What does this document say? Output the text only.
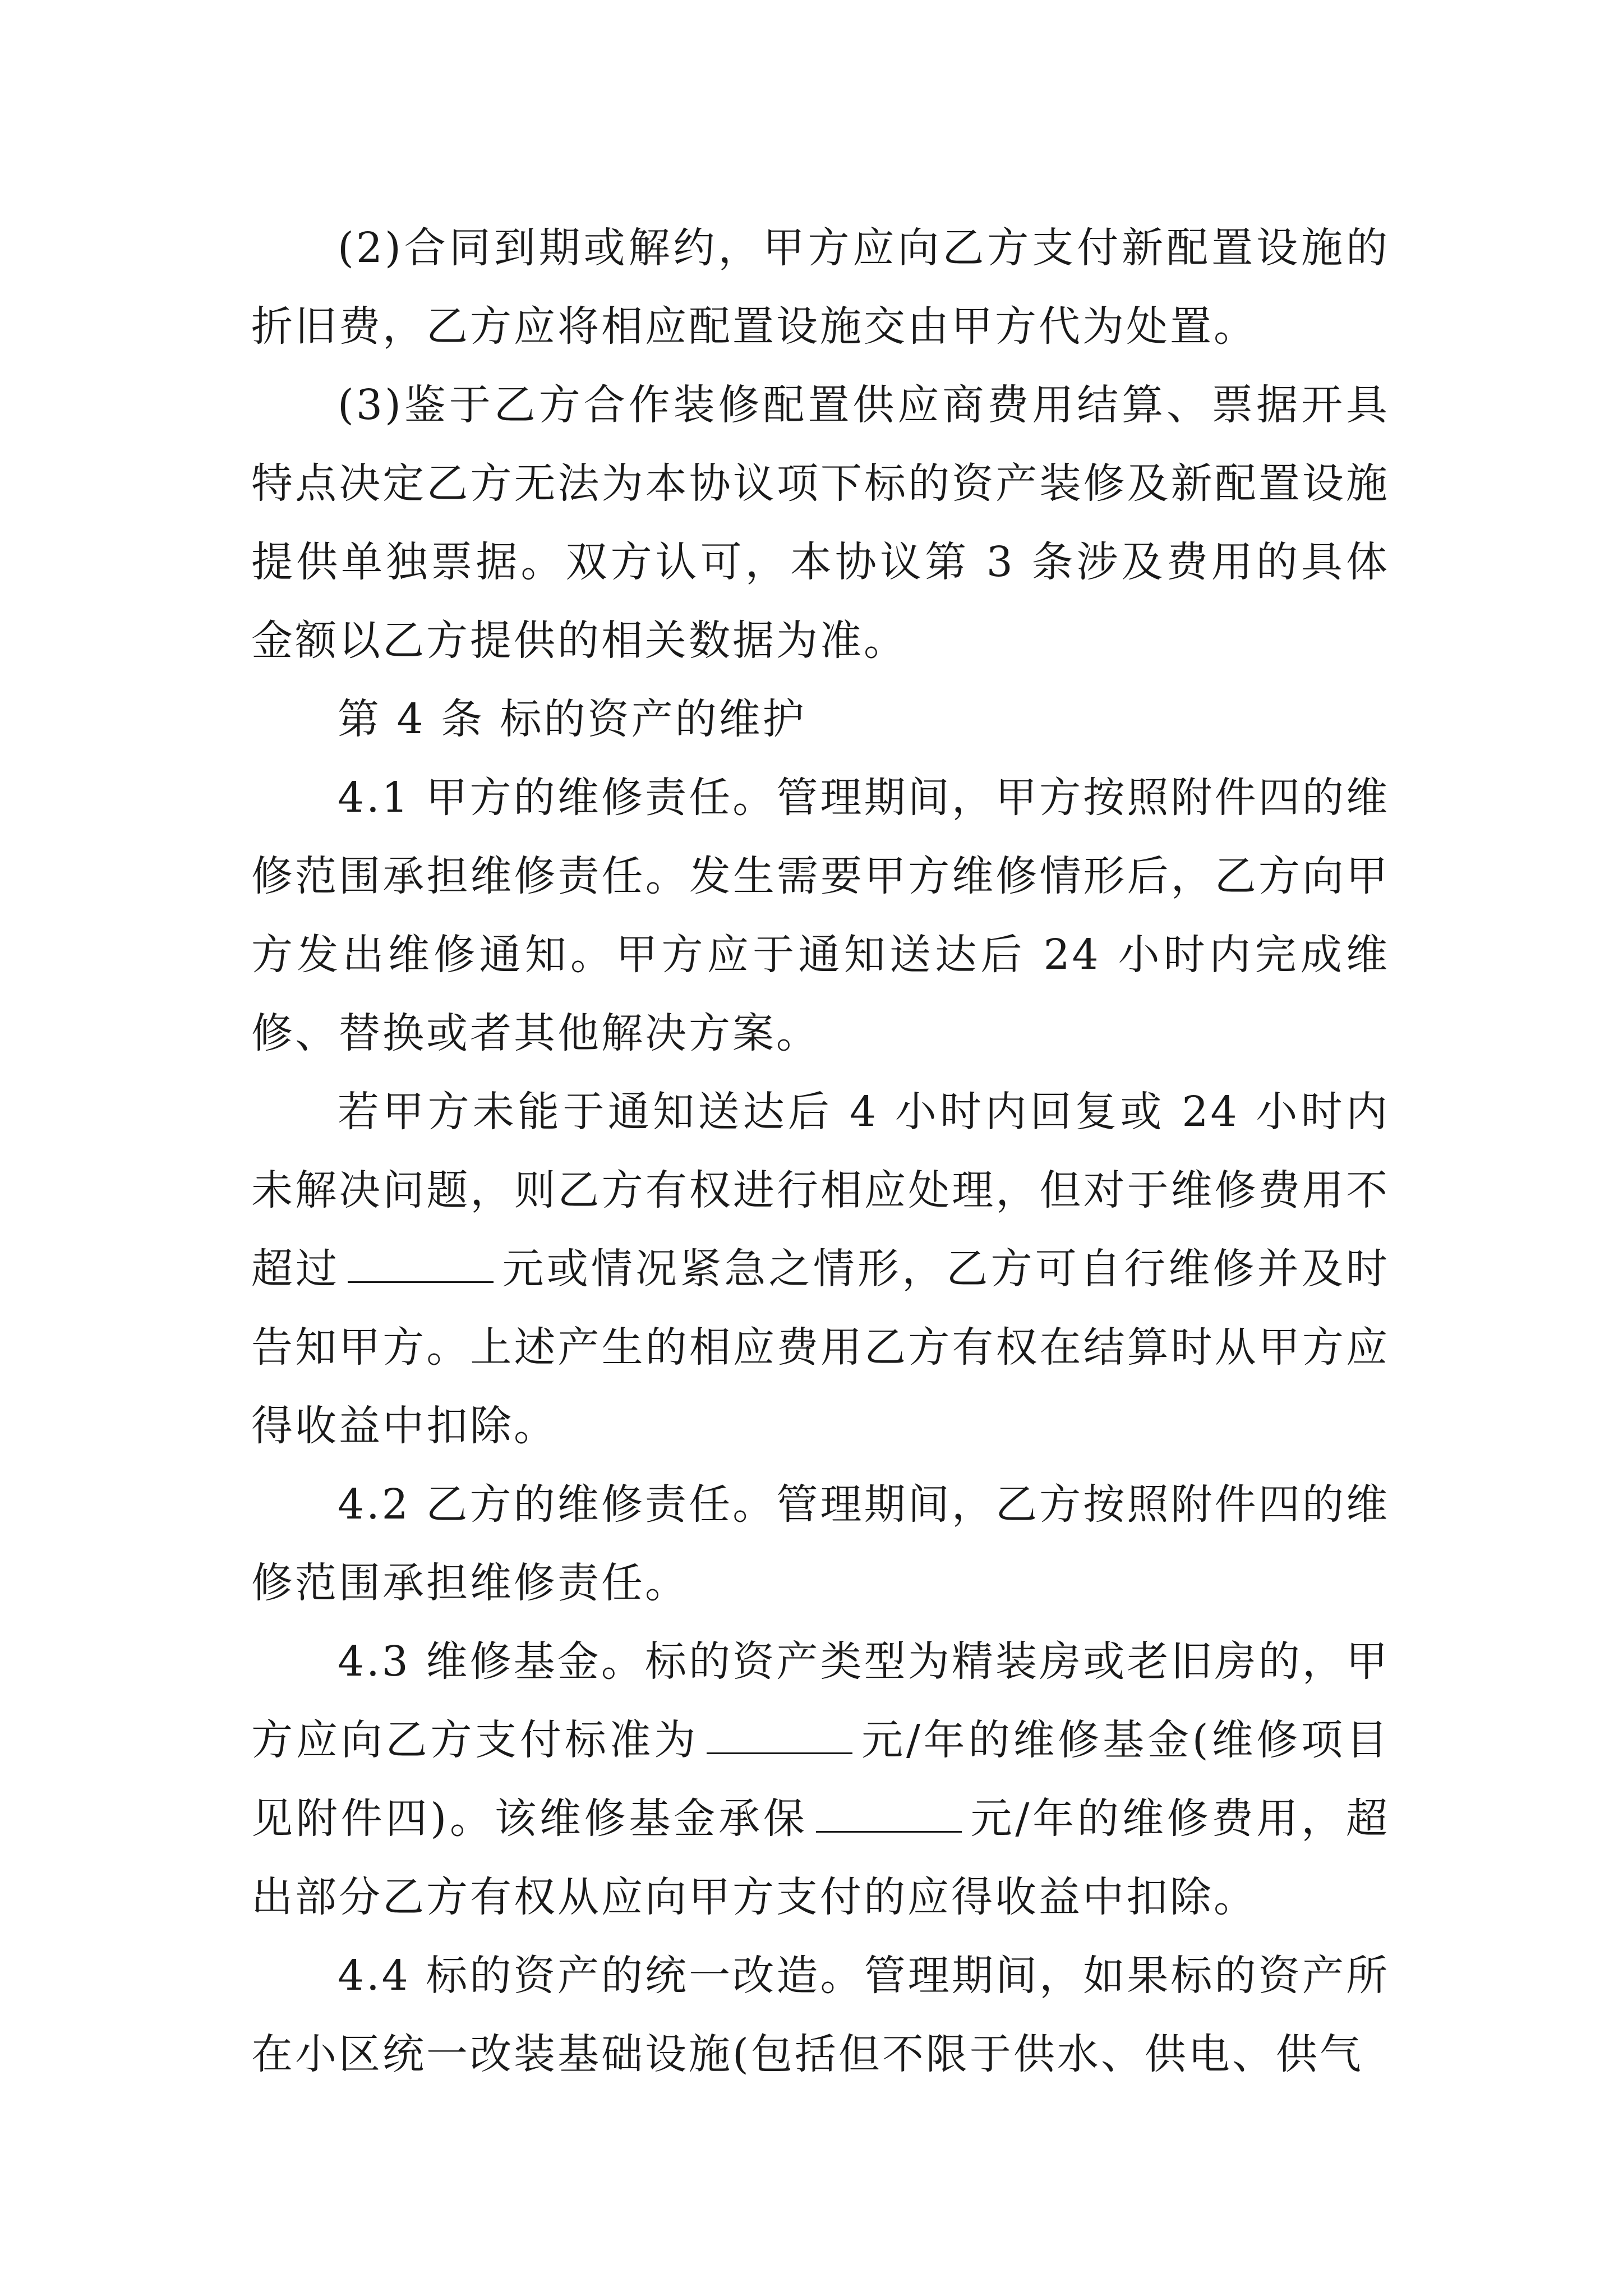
(2)合同到期或解约，甲方应向乙方支付新配置设施的折旧费，乙方应将相应配置设施交由甲方代为处置。

(3)鉴于乙方合作装修配置供应商费用结算、票据开具特点决定乙方无法为本协议项下标的资产装修及新配置设施提供单独票据。双方认可，本协议第 3 条涉及费用的具体金额以乙方提供的相关数据为准。

第 4 条 标的资产的维护

4.1 甲方的维修责任。管理期间，甲方按照附件四的维修范围承担维修责任。发生需要甲方维修情形后，乙方向甲方发出维修通知。甲方应于通知送达后 24 小时内完成维修、替换或者其他解决方案。

若甲方未能于通知送达后 4 小时内回复或 24 小时内未解决问题，则乙方有权进行相应处理，但对于维修费用不超过	元或情况紧急之情形，乙方可自行维修并及时告知甲方。上述产生的相应费用乙方有权在结算时从甲方应得收益中扣除。

4.2 乙方的维修责任。管理期间，乙方按照附件四的维修范围承担维修责任。

4.3 维修基金。标的资产类型为精装房或老旧房的，甲方应向乙方支付标准为	元/年的维修基金(维修项目见附件四)。该维修基金承保	元/年的维修费用，超出部分乙方有权从应向甲方支付的应得收益中扣除。

4.4 标的资产的统一改造。管理期间，如果标的资产所在小区统一改装基础设施(包括但不限于供水、供电、供气
